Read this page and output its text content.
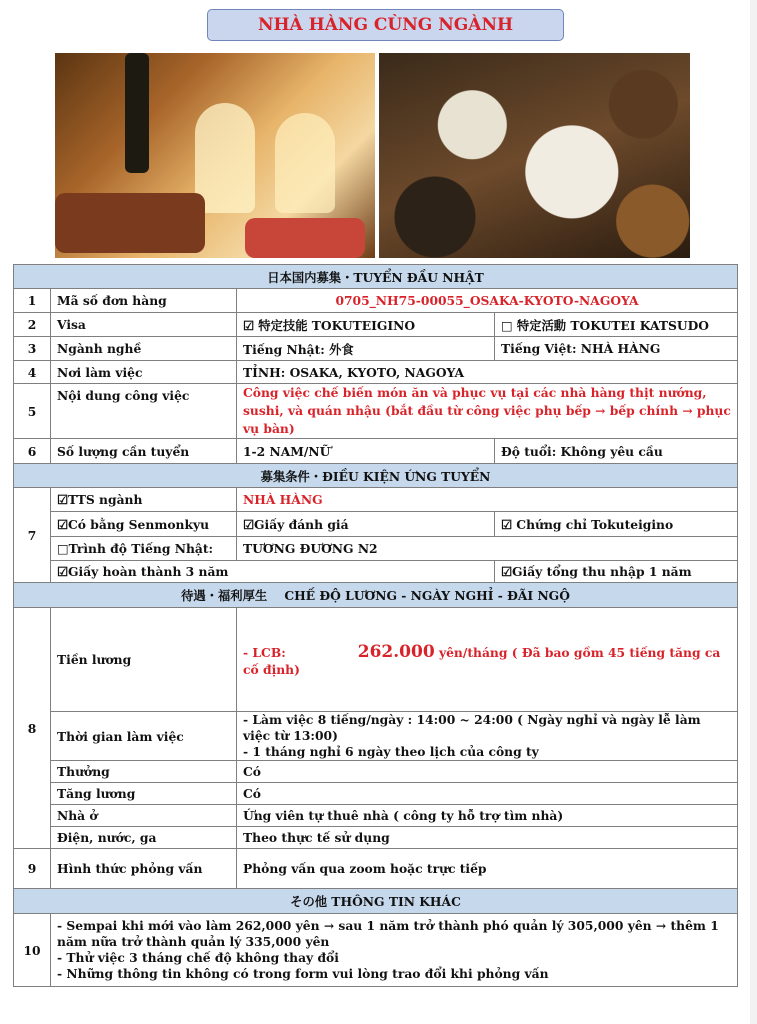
NHÀ HÀNG CÙNG NGÀNH
日本国内募集・TUYỂN ĐẦU NHẬT			
1	Mã số đơn hàng	0705_NH75-00055_OSAKA-KYOTO-NAGOYA	
2	Visa	☑ 特定技能 TOKUTEIGINO	□ 特定活動 TOKUTEI KATSUDO
3	Ngành nghề	Tiếng Nhật: 外食	Tiếng Việt: NHÀ HÀNG
4	Nơi làm việc	TỈNH: OSAKA, KYOTO, NAGOYA	
5	Nội dung công việc	Công việc chế biến món ăn và phục vụ tại các nhà hàng thịt nướng, sushi, và quán nhậu (bắt đầu từ công việc phụ bếp → bếp chính → phục vụ bàn)	
6	Số lượng cần tuyển	1-2 NAM/NỮ	Độ tuổi: Không yêu cầu
募集条件・ĐIỀU KIỆN ỨNG TUYỂN			
7	☑TTS ngành	NHÀ HÀNG	
	☑Có bằng Senmonkyu	☑Giấy đánh giá	☑ Chứng chỉ Tokuteigino
	□Trình độ Tiếng Nhật:	TƯƠNG ĐƯƠNG N2	
	☑Giấy hoàn thành 3 năm		☑Giấy tổng thu nhập 1 năm
待遇・福利厚生 CHẾ ĐỘ LƯƠNG - NGÀY NGHỈ - ĐÃI NGỘ			
8	Tiền lương	- LCB: 262.000 yên/tháng ( Đã bao gồm 45 tiếng tăng ca cố định)	
	Thời gian làm việc	- Làm việc 8 tiếng/ngày : 14:00 ~ 24:00 ( Ngày nghỉ và ngày lễ làm việc từ 13:00)
- 1 tháng nghỉ 6 ngày theo lịch của công ty	

	Thưởng	Có	
	Tăng lương	Có	
	Nhà ở	Ứng viên tự thuê nhà ( công ty hỗ trợ tìm nhà)	
	Điện, nước, ga	Theo thực tế sử dụng	
9	Hình thức phỏng vấn	Phỏng vấn qua zoom hoặc trực tiếp	
その他 THÔNG TIN KHÁC			
10	- Sempai khi mới vào làm 262,000 yên → sau 1 năm trở thành phó quản lý 305,000 yên → thêm 1 năm nữa trở thành quản lý 335,000 yên
- Thử việc 3 tháng chế độ không thay đổi
- Những thông tin không có trong form vui lòng trao đổi khi phỏng vấn		
